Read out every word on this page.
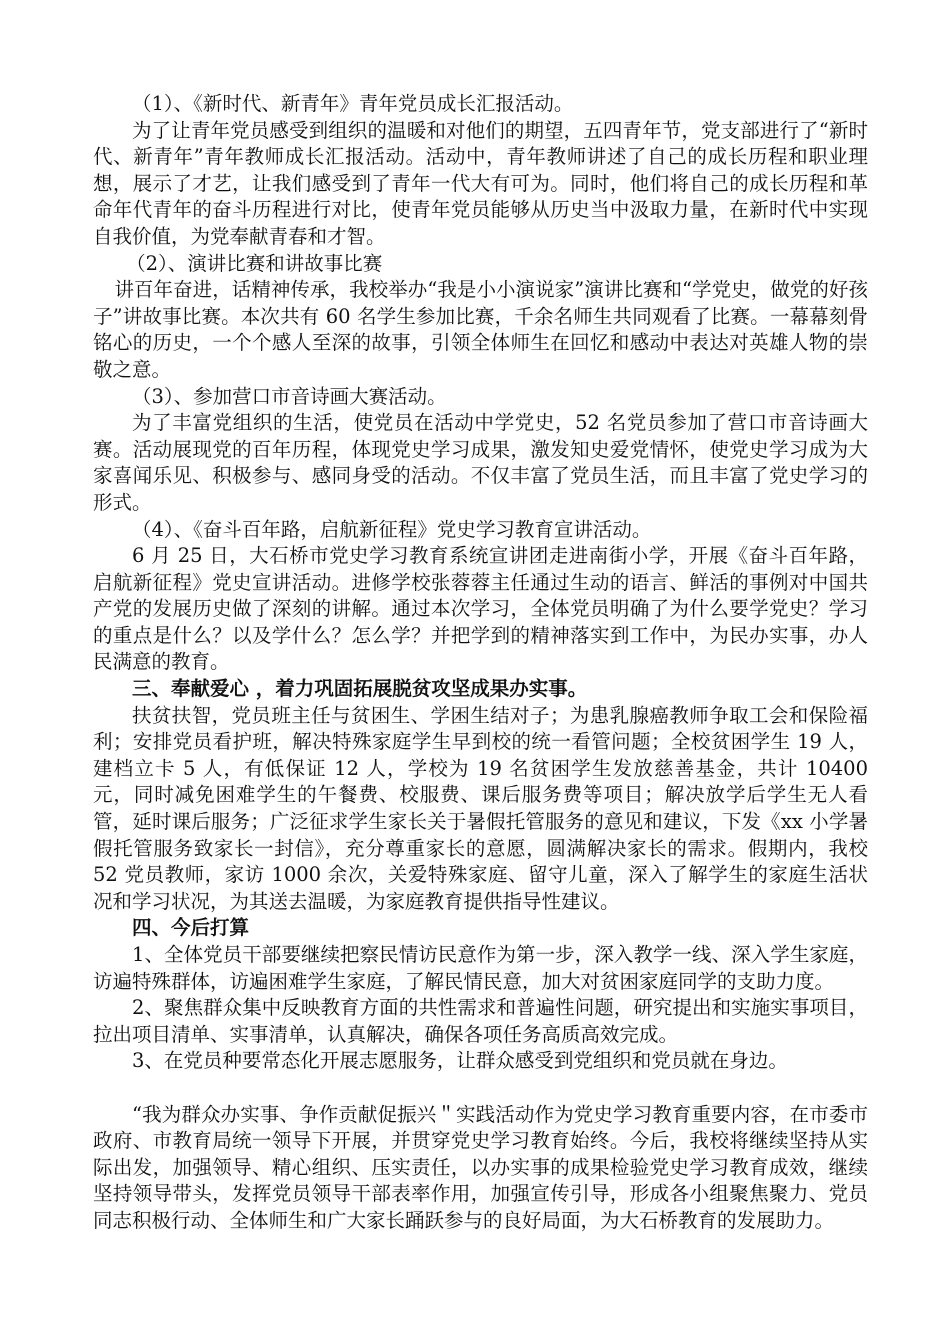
（1）、《新时代、新青年》青年党员成长汇报活动。

为了让青年党员感受到组织的温暖和对他们的期望，五四青年节，党支部进行了“新时代、新青年”青年教师成长汇报活动。活动中，青年教师讲述了自己的成长历程和职业理想，展示了才艺，让我们感受到了青年一代大有可为。同时，他们将自己的成长历程和革命年代青年的奋斗历程进行对比，使青年党员能够从历史当中汲取力量，在新时代中实现自我价值，为党奉献青春和才智。

（2）、演讲比赛和讲故事比赛

讲百年奋进，话精神传承，我校举办“我是小小演说家”演讲比赛和“学党史，做党的好孩子”讲故事比赛。本次共有 60 名学生参加比赛，千余名师生共同观看了比赛。一幕幕刻骨铭心的历史，一个个感人至深的故事，引领全体师生在回忆和感动中表达对英雄人物的崇敬之意。

（3）、参加营口市音诗画大赛活动。

为了丰富党组织的生活，使党员在活动中学党史，52 名党员参加了营口市音诗画大赛。活动展现党的百年历程，体现党史学习成果，激发知史爱党情怀，使党史学习成为大家喜闻乐见、积极参与、感同身受的活动。不仅丰富了党员生活，而且丰富了党史学习的形式。

（4）、《奋斗百年路，启航新征程》党史学习教育宣讲活动。

6 月 25 日，大石桥市党史学习教育系统宣讲团走进南街小学，开展《奋斗百年路，启航新征程》党史宣讲活动。进修学校张蓉蓉主任通过生动的语言、鲜活的事例对中国共产党的发展历史做了深刻的讲解。通过本次学习，全体党员明确了为什么要学党史？学习的重点是什么？以及学什么？怎么学？并把学到的精神落实到工作中，为民办实事，办人民满意的教育。

三、奉献爱心 ，着力巩固拓展脱贫攻坚成果办实事。

扶贫扶智，党员班主任与贫困生、学困生结对子；为患乳腺癌教师争取工会和保险福利；安排党员看护班，解决特殊家庭学生早到校的统一看管问题；全校贫困学生 19 人，建档立卡 5 人，有低保证 12 人，学校为 19 名贫困学生发放慈善基金，共计 10400 元，同时减免困难学生的午餐费、校服费、课后服务费等项目；解决放学后学生无人看管，延时课后服务；广泛征求学生家长关于暑假托管服务的意见和建议，下发《xx 小学暑假托管服务致家长一封信》，充分尊重家长的意愿，圆满解决家长的需求。假期内，我校 52 党员教师，家访 1000 余次，关爱特殊家庭、留守儿童，深入了解学生的家庭生活状况和学习状况，为其送去温暖，为家庭教育提供指导性建议。

四、今后打算

1、全体党员干部要继续把察民情访民意作为第一步，深入教学一线、深入学生家庭，访遍特殊群体，访遍困难学生家庭，了解民情民意，加大对贫困家庭同学的支助力度。

2、聚焦群众集中反映教育方面的共性需求和普遍性问题，研究提出和实施实事项目，拉出项目清单、实事清单，认真解决，确保各项任务高质高效完成。

3、在党员种要常态化开展志愿服务，让群众感受到党组织和党员就在身边。

“我为群众办实事、争作贡献促振兴＂实践活动作为党史学习教育重要内容，在市委市政府、市教育局统一领导下开展，并贯穿党史学习教育始终。今后，我校将继续坚持从实际出发，加强领导、精心组织、压实责任，以办实事的成果检验党史学习教育成效，继续坚持领导带头，发挥党员领导干部表率作用，加强宣传引导，形成各小组聚焦聚力、党员同志积极行动、全体师生和广大家长踊跃参与的良好局面，为大石桥教育的发展助力。
